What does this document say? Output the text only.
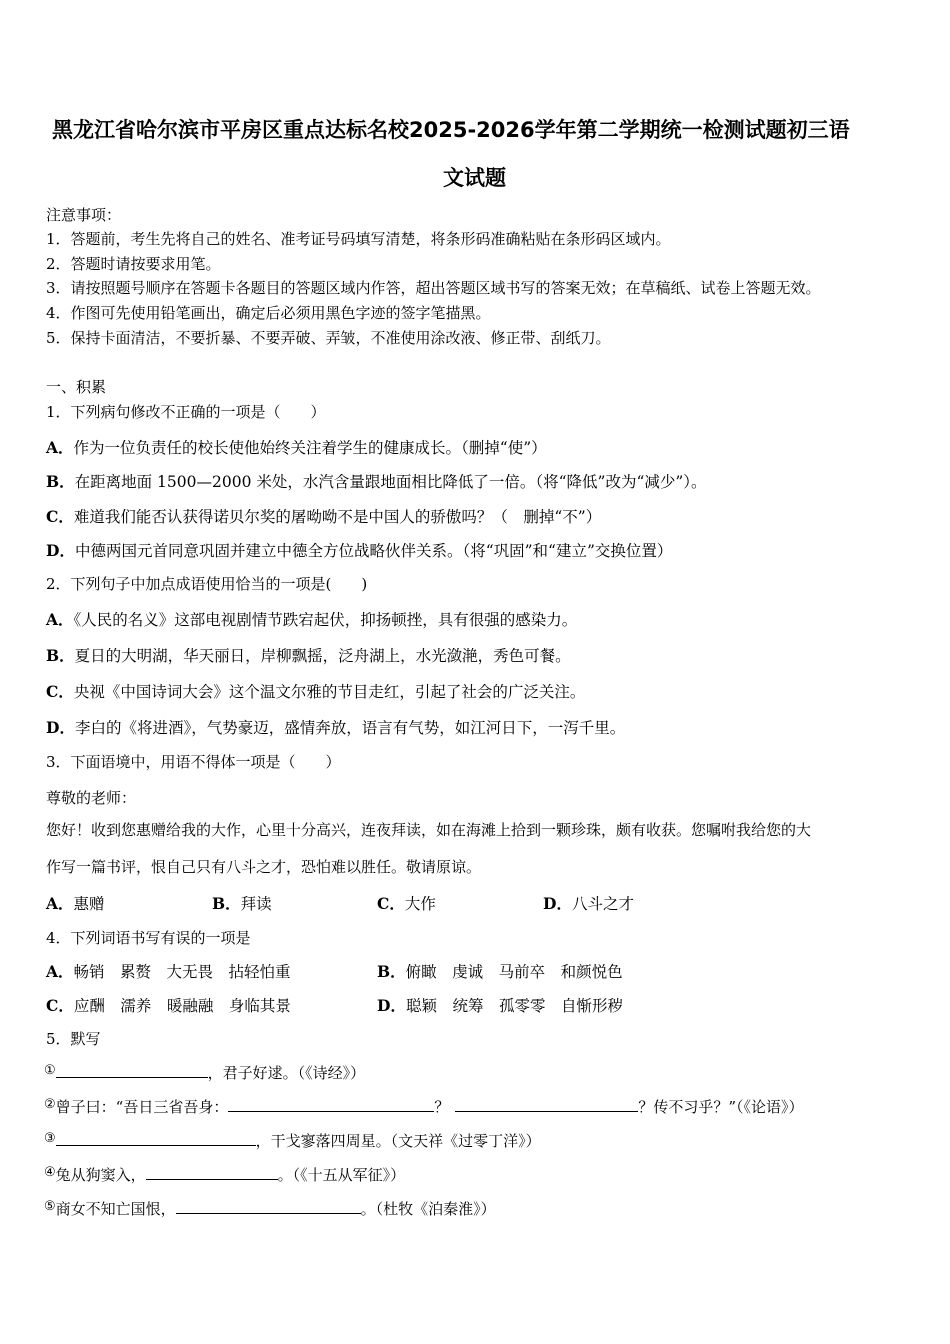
黑龙江省哈尔滨市平房区重点达标名校2025-2026学年第二学期统一检测试题初三语
文试题
注意事项：
1．答题前，考生先将自己的姓名、准考证号码填写清楚，将条形码准确粘贴在条形码区域内。
2．答题时请按要求用笔。
3．请按照题号顺序在答题卡各题目的答题区域内作答，超出答题区域书写的答案无效；在草稿纸、试卷上答题无效。
4．作图可先使用铅笔画出，确定后必须用黑色字迹的签字笔描黑。
5．保持卡面清洁，不要折暴、不要弄破、弄皱，不准使用涂改液、修正带、刮纸刀。
一、积累
1．下列病句修改不正确的一项是（　　）
A．作为一位负责任的校长使他始终关注着学生的健康成长。（删掉“使”）
B．在距离地面 1500—2000 米处，水汽含量跟地面相比降低了一倍。（将“降低”改为“减少”）。
C．难道我们能否认获得诺贝尔奖的屠呦呦不是中国人的骄傲吗？（　删掉“不”）
D．中德两国元首同意巩固并建立中德全方位战略伙伴关系。（将“巩固”和“建立”交换位置）
2．下列句子中加点成语使用恰当的一项是(　　)
A．《人民的名义》这部电视剧情节跌宕起伏，抑扬顿挫，具有很强的感染力。
B．夏日的大明湖，华天丽日，岸柳飘摇，泛舟湖上，水光潋滟，秀色可餐。
C．央视《中国诗词大会》这个温文尔雅的节目走红，引起了社会的广泛关注。
D．李白的《将进酒》，气势豪迈，盛情奔放，语言有气势，如江河日下，一泻千里。
3．下面语境中，用语不得体一项是（　　）
尊敬的老师：
您好！收到您惠赠给我的大作，心里十分高兴，连夜拜读，如在海滩上拾到一颗珍珠，颇有收获。您嘱咐我给您的大
作写一篇书评，恨自己只有八斗之才，恐怕难以胜任。敬请原谅。
A．惠赠	B．拜读	C．大作	D．八斗之才
4．下列词语书写有误的一项是
A．畅销　累赘　大无畏　拈轻怕重	B．俯瞰　虔诚　马前卒　和颜悦色
C．应酬　濡养　暖融融　身临其景	D．聪颖　统筹　孤零零　自惭形秽
5．默写
①	，君子好逑。（《诗经》）
②曾子曰：“吾日三省吾身：	？	？传不习乎？”（《论语》）
③	，干戈寥落四周星。（文天祥《过零丁洋》）
④兔从狗窦入，	。（《十五从军征》）
⑤商女不知亡国恨，	。（杜牧《泊秦淮》）
